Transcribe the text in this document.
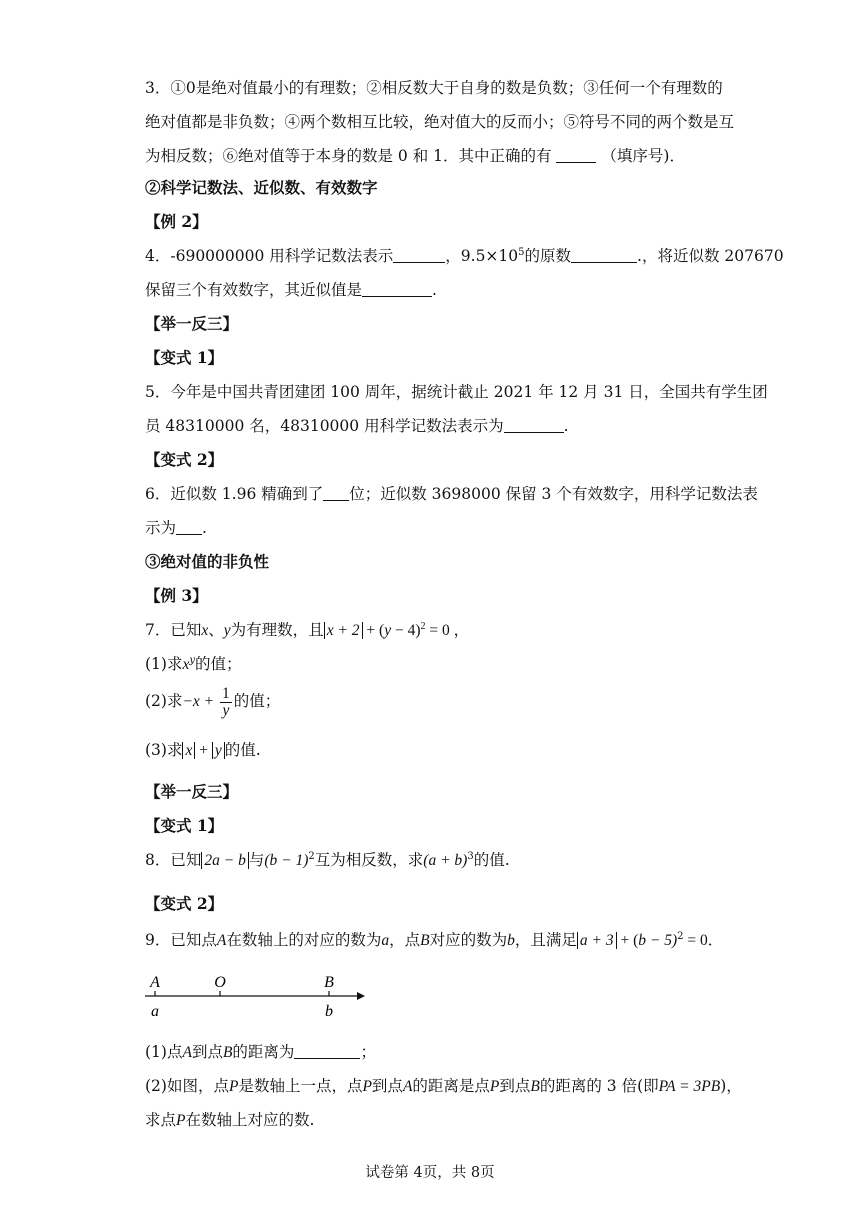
3．①0是绝对值最小的有理数；②相反数大于自身的数是负数；③任何一个有理数的
绝对值都是非负数；④两个数相互比较，绝对值大的反而小；⑤符号不同的两个数是互
为相反数；⑥绝对值等于本身的数是 0 和 1．其中正确的有	（填序号)．
②科学记数法、近似数、有效数字
【例 2】
4．-690000000 用科学记数法表示	，$9.5\times 10^5$的原数	.，将近似数 207670
保留三个有效数字，其近似值是	.
【举一反三】
【变式 1】
5．今年是中国共青团建团 100 周年，据统计截止 2021 年 12 月 31 日，全国共有学生团
员 48310000 名，48310000 用科学记数法表示为	.
【变式 2】
6．近似数 1.96 精确到了 位；近似数 3698000 保留 3 个有效数字，用科学记数法表
示为 .
③绝对值的非负性
【例 3】
7．已知x、y为有理数，且 $x + 2 + (y - 4)^2 = 0$ ，
(1)求$x^y$的值；
(2)求$-x + \frac{1}{y}$ 的值；
(3)求 x + y 的值.
【举一反三】
【变式 1】
8．已知 2a − b 与$(b - 1)^2$互为相反数，求$(a + b)^3$的值.
【变式 2】
9．已知点A在数轴上的对应的数为a，点B对应的数为b，且满足 $a + 3 + (b - 5)^2 = 0$．
A	O	B
a	b
(1)点A到点B的距离为	；
(2)如图，点P是数轴上一点，点P到点A的距离是点P到点B的距离的 3 倍(即PA = 3PB)，
求点P在数轴上对应的数.
试卷第 4页，共 8页
